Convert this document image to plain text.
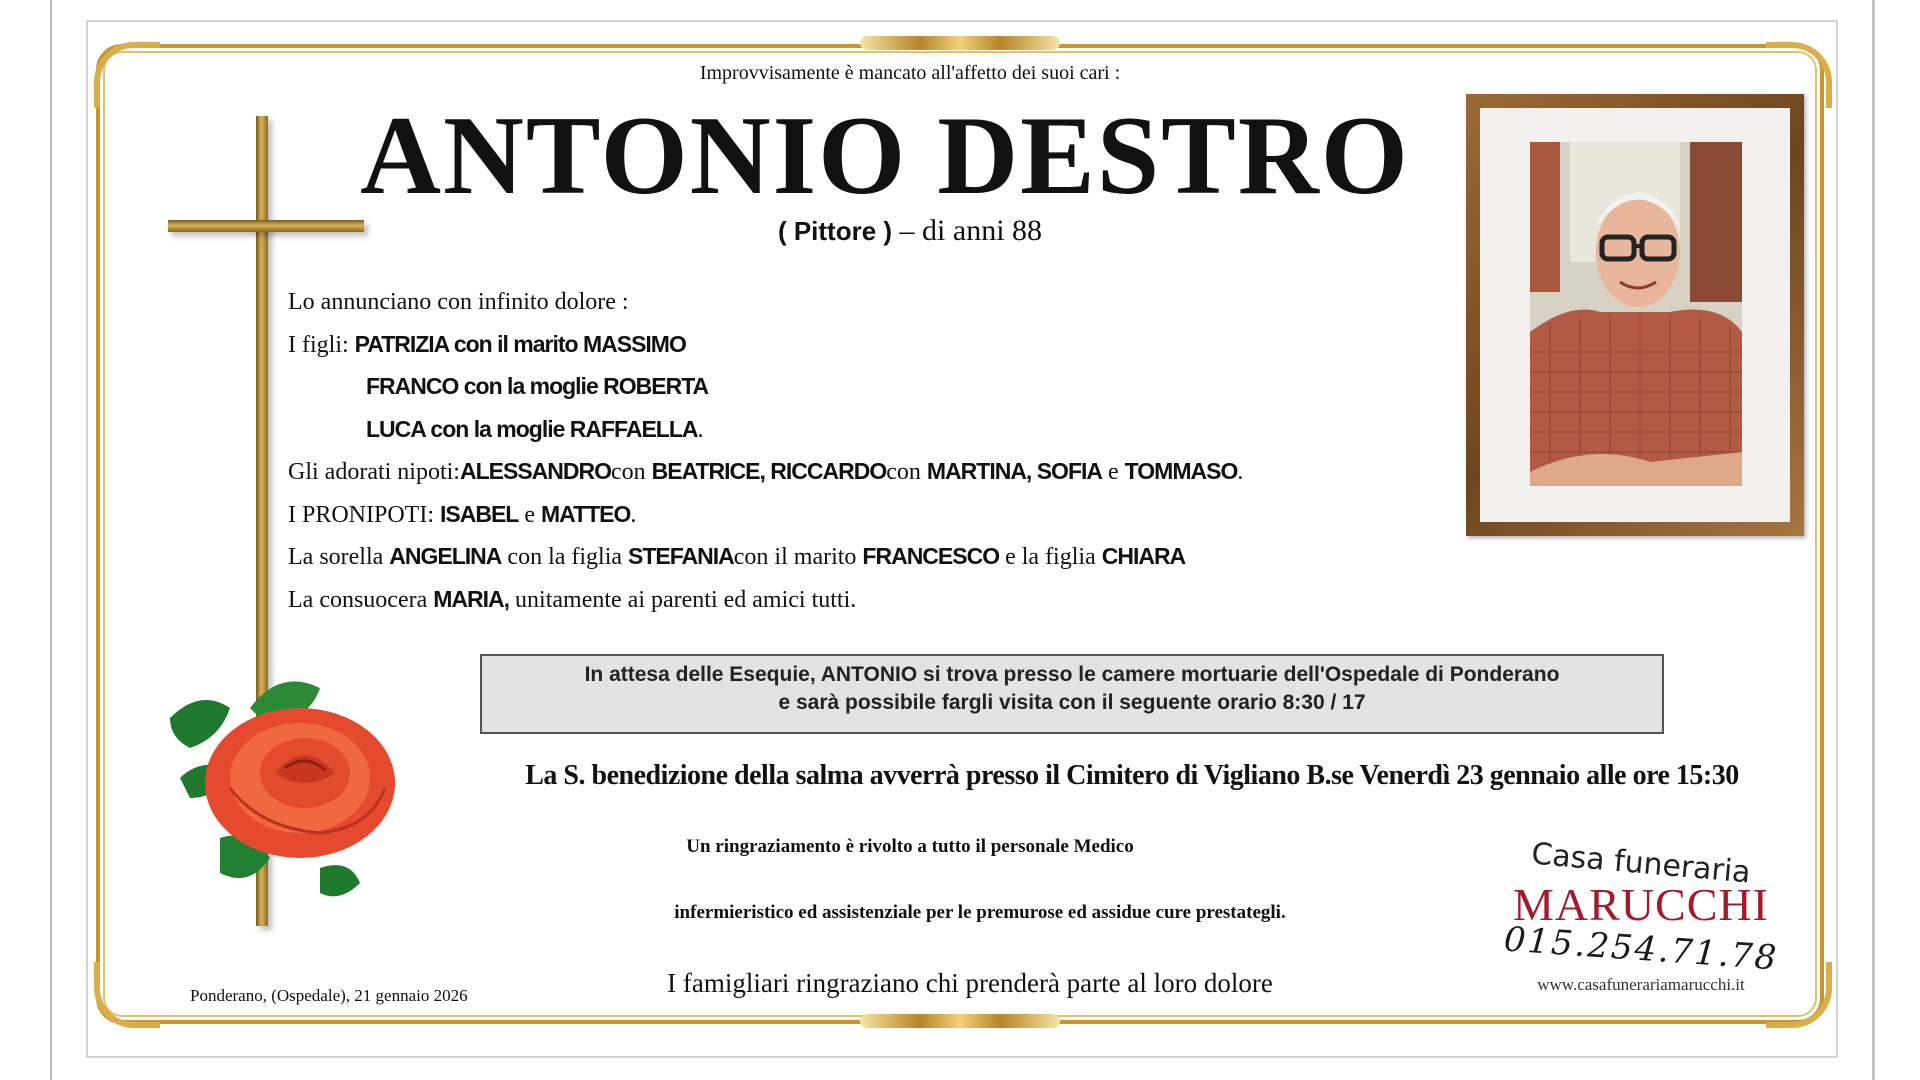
Improvvisamente è mancato all'affetto dei suoi cari :
ANTONIO DESTRO
( Pittore ) – di anni 88
Lo annunciano con infinito dolore :
I figli: PATRIZIA con il marito MASSIMO
FRANCO con la moglie ROBERTA
LUCA con la moglie RAFFAELLA.
Gli adorati nipoti:ALESSANDROcon BEATRICE, RICCARDOcon MARTINA, SOFIA e TOMMASO.
I PRONIPOTI: ISABEL e MATTEO.
La sorella ANGELINA con la figlia STEFANIAcon il marito FRANCESCO e la figlia CHIARA
La consuocera MARIA, unitamente ai parenti ed amici tutti.
In attesa delle Esequie, ANTONIO si trova presso le camere mortuarie dell'Ospedale di Ponderano
e sarà possibile fargli visita con il seguente orario 8:30 / 17
La S. benedizione della salma avverrà presso il Cimitero di Vigliano B.se Venerdì 23 gennaio alle ore 15:30
Un ringraziamento è rivolto a tutto il personale Medico
infermieristico ed assistenziale per le premurose ed assidue cure prestategli.
I famigliari ringraziano chi prenderà parte al loro dolore
Ponderano, (Ospedale), 21 gennaio 2026
Casa funeraria
MARUCCHI
015.254.71.78
www.casafunerariamarucchi.it
